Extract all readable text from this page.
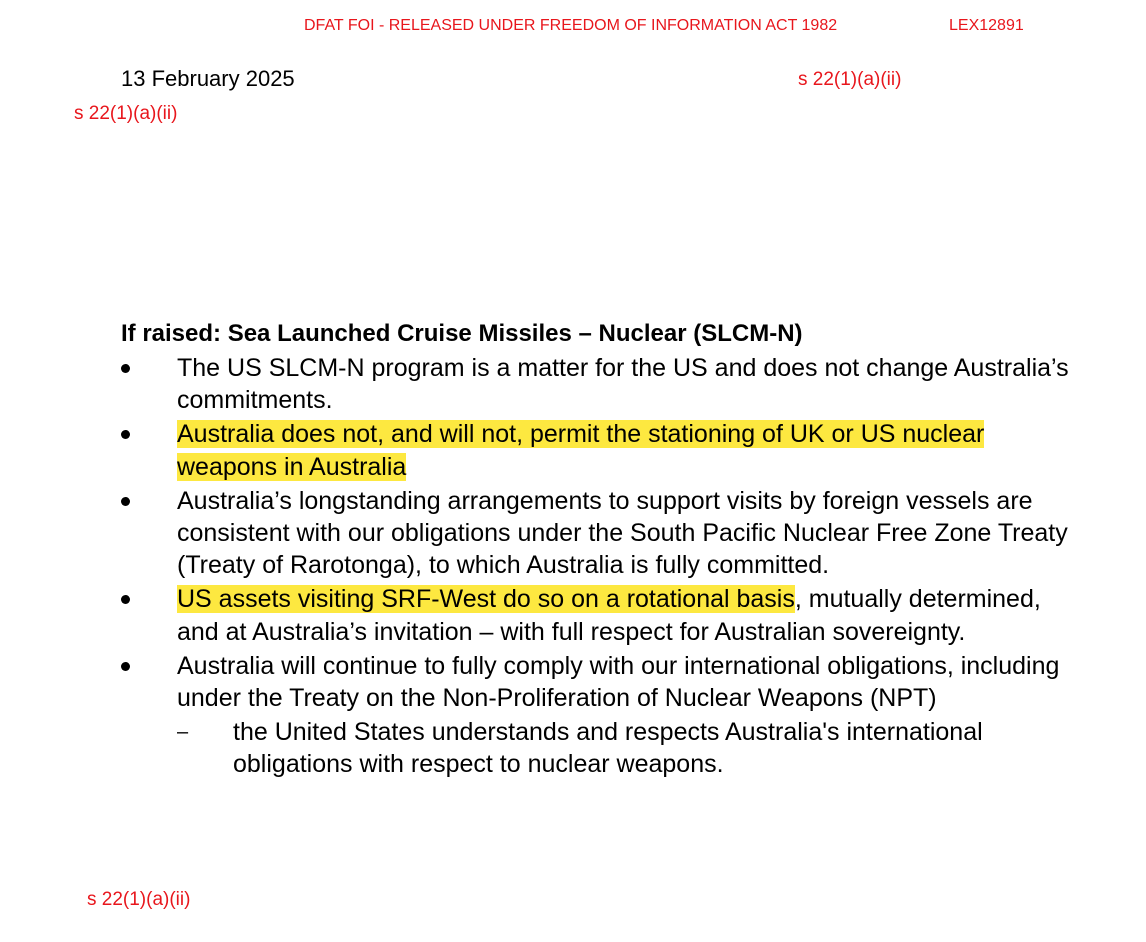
DFAT FOI - RELEASED UNDER FREEDOM OF INFORMATION ACT 1982	LEX12891
13 February 2025	s 22(1)(a)(ii)
s 22(1)(a)(ii)
If raised: Sea Launched Cruise Missiles – Nuclear (SLCM-N)
The US SLCM-N program is a matter for the US and does not change Australia’s commitments.
Australia does not, and will not, permit the stationing of UK or US nuclear weapons in Australia
Australia’s longstanding arrangements to support visits by foreign vessels are consistent with our obligations under the South Pacific Nuclear Free Zone Treaty (Treaty of Rarotonga), to which Australia is fully committed.
US assets visiting SRF-West do so on a rotational basis, mutually determined, and at Australia’s invitation – with full respect for Australian sovereignty.
Australia will continue to fully comply with our international obligations, including under the Treaty on the Non-Proliferation of Nuclear Weapons (NPT)
– the United States understands and respects Australia's international obligations with respect to nuclear weapons.
s 22(1)(a)(ii)
